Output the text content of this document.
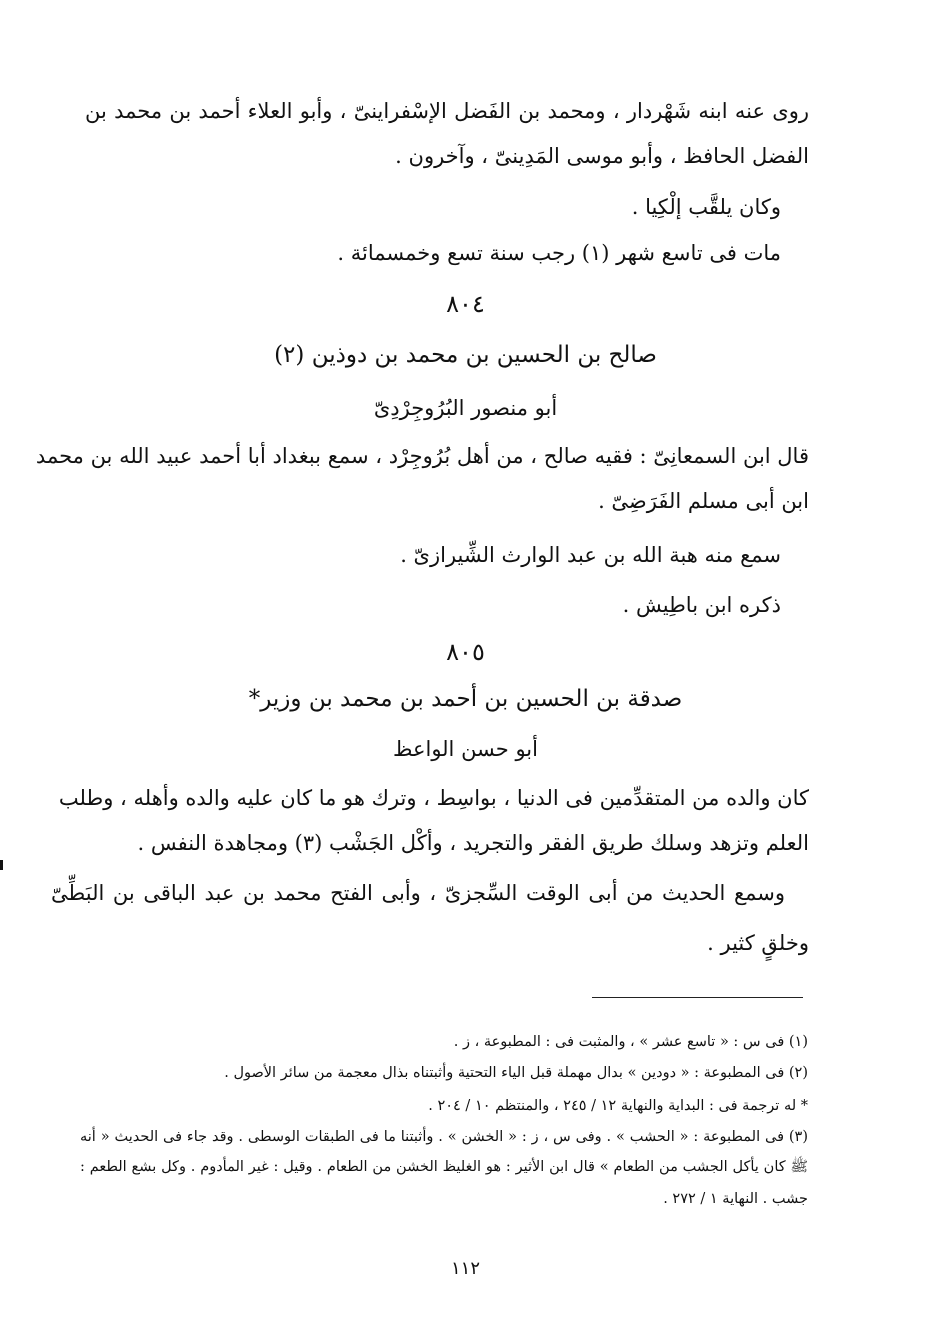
روى عنه ابنه شَهْردار ، ومحمد بن الفَضل الإسْفراينىّ ، وأبو العلاء أحمد بن محمد بن
الفضل الحافظ ، وأبو موسى المَدِينىّ ، وآخرون .
وكان يلقَّب إلْكِيا .
مات فى تاسع شهر (١) رجب سنة تسع وخمسمائة .
٨٠٤
صالح بن الحسين بن محمد بن دوذين (٢)
أبو منصور البُرُوجِرْدِىّ
قال ابن السمعانِىّ : فقيه صالح ، من أهل بُرُوجِرْد ، سمع ببغداد أبا أحمد عبيد الله بن محمد
ابن أبى مسلم الفَرَضِىّ .
سمع منه هبة الله بن عبد الوارث الشِّيرازىّ .
ذكره ابن باطِيش .
٨٠٥
صدقة بن الحسين بن أحمد بن محمد بن وزير*
أبو حسن الواعظ
كان والده من المتقدِّمين فى الدنيا ، بواسِط ، وترك هو ما كان عليه والده وأهله ، وطلب
العلم وتزهد وسلك طريق الفقر والتجريد ، وأكْل الجَشْب (٣) ومجاهدة النفس .
وسمع الحديث من أبى الوقت السِّجزىّ ، وأبى الفتح محمد بن عبد الباقى بن البَطِّىّ
وخلقٍ كثير .
(١) فى س : « تاسع عشر » ، والمثبت فى : المطبوعة ، ز .
(٢) فى المطبوعة : « دودين » بدال مهملة قبل الياء التحتية وأثبتناه بذال معجمة من سائر الأصول .
* له ترجمة فى : البداية والنهاية ١٢ / ٢٤٥ ، والمنتظم ١٠ / ٢٠٤ .
(٣) فى المطبوعة : « الحشب » . وفى س ، ز : « الخشن » . وأثبتنا ما فى الطبقات الوسطى . وقد جاء فى الحديث « أنه
ﷺ كان يأكل الجشب من الطعام » قال ابن الأثير : هو الغليظ الخشن من الطعام . وقيل : غير المأدوم . وكل بشع الطعم :
جشب . النهاية ١ / ٢٧٢ .
١١٢
